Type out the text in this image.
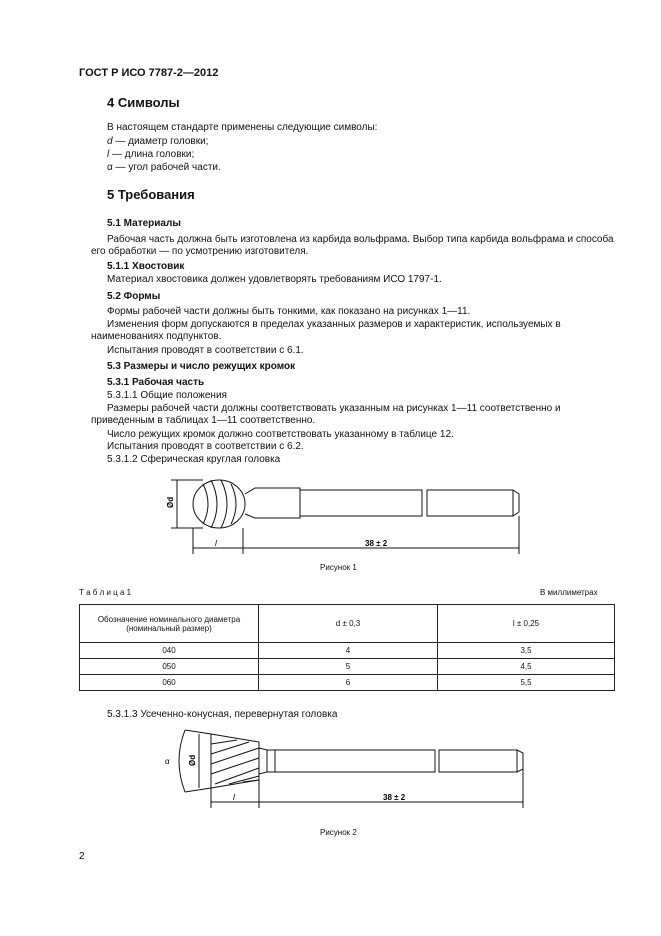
ГОСТ Р ИСО 7787-2—2012
4 Символы
В настоящем стандарте применены следующие символы:
d — диаметр головки;
l — длина головки;
α — угол рабочей части.
5 Требования
5.1 Материалы
Рабочая часть должна быть изготовлена из карбида вольфрама. Выбор типа карбида вольфрама и способа его обработки — по усмотрению изготовителя.
5.1.1 Хвостовик
Материал хвостовика должен удовлетворять требованиям ИСО 1797-1.
5.2 Формы
Формы рабочей части должны быть тонкими, как показано на рисунках 1—11.
Изменения форм допускаются в пределах указанных размеров и характеристик, используемых в наименованиях подпунктов.
Испытания проводят в соответствии с 6.1.
5.3 Размеры и число режущих кромок
5.3.1 Рабочая часть
5.3.1.1 Общие положения
Размеры рабочей части должны соответствовать указанным на рисунках 1—11 соответственно и приведенным в таблицах 1—11 соответственно.
Число режущих кромок должно соответствовать указанному в таблице 12.
Испытания проводят в соответствии с 6.2.
5.3.1.2 Сферическая круглая головка
Ød
l	38 ± 2
Рисунок 1
Т а б л и ц а 1	В миллиметрах
Обозначение номинального диаметра (номинальный размер)	d ± 0,3	l ± 0,25
040	4	3,5
050	5	4,5
060	6	5,5
5.3.1.3 Усеченно-конусная, перевернутая головка
α Ød
l	38 ± 2
Рисунок 2
2
